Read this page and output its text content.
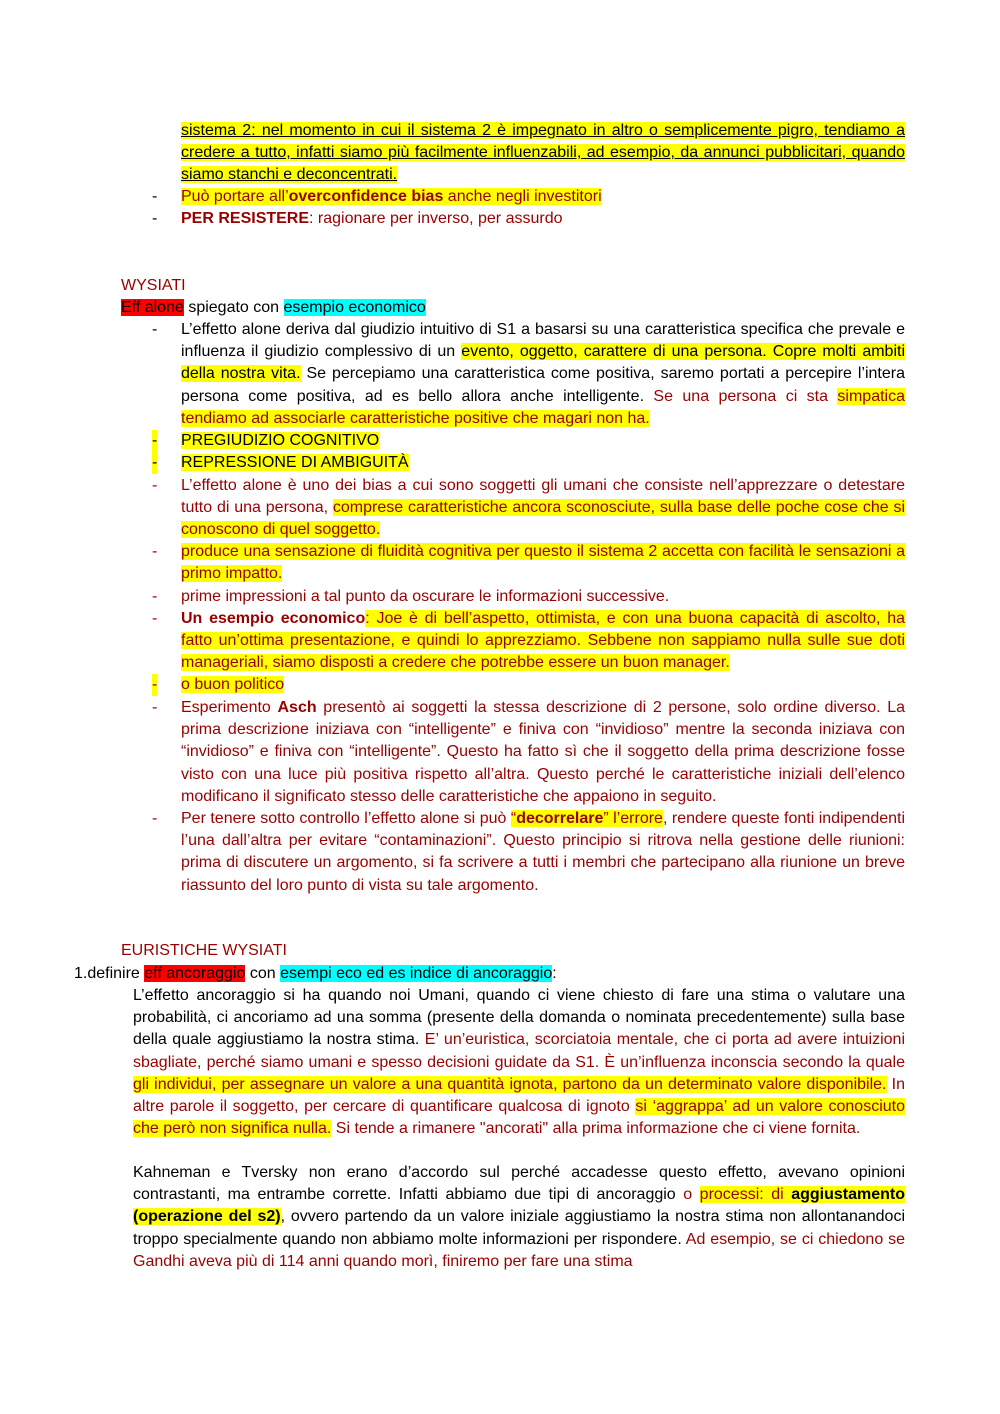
sistema 2: nel momento in cui il sistema 2 è impegnato in altro o semplicemente pigro, tendiamo a credere a tutto, infatti siamo più facilmente influenzabili, ad esempio, da annunci pubblicitari, quando siamo stanchi e deconcentrati.
- Può portare all’overconfidence bias anche negli investitori
- PER RESISTERE: ragionare per inverso, per assurdo
WYSIATI
Eff alone spiegato con esempio economico
- L’effetto alone deriva dal giudizio intuitivo di S1 a basarsi su una caratteristica specifica che prevale e influenza il giudizio complessivo di un evento, oggetto, carattere di una persona. Copre molti ambiti della nostra vita. Se percepiamo una caratteristica come positiva, saremo portati a percepire l’intera persona come positiva, ad es bello allora anche intelligente. Se una persona ci sta simpatica tendiamo ad associarle caratteristiche positive che magari non ha.
- PREGIUDIZIO COGNITIVO
- REPRESSIONE DI AMBIGUITÀ
- L’effetto alone è uno dei bias a cui sono soggetti gli umani che consiste nell’apprezzare o detestare tutto di una persona, comprese caratteristiche ancora sconosciute, sulla base delle poche cose che si conoscono di quel soggetto.
- produce una sensazione di fluidità cognitiva per questo il sistema 2 accetta con facilità le sensazioni a primo impatto.
- prime impressioni a tal punto da oscurare le informazioni successive.
- Un esempio economico: Joe è di bell’aspetto, ottimista, e con una buona capacità di ascolto, ha fatto un’ottima presentazione, e quindi lo apprezziamo. Sebbene non sappiamo nulla sulle sue doti manageriali, siamo disposti a credere che potrebbe essere un buon manager.
- o buon politico
- Esperimento Asch presentò ai soggetti la stessa descrizione di 2 persone, solo ordine diverso. La prima descrizione iniziava con “intelligente” e finiva con “invidioso” mentre la seconda iniziava con “invidioso” e finiva con “intelligente”. Questo ha fatto sì che il soggetto della prima descrizione fosse visto con una luce più positiva rispetto all’altra. Questo perché le caratteristiche iniziali dell’elenco modificano il significato stesso delle caratteristiche che appaiono in seguito.
- Per tenere sotto controllo l’effetto alone si può “decorrelare” l’errore, rendere queste fonti indipendenti l’una dall’altra per evitare “contaminazioni”. Questo principio si ritrova nella gestione delle riunioni: prima di discutere un argomento, si fa scrivere a tutti i membri che partecipano alla riunione un breve riassunto del loro punto di vista su tale argomento.
EURISTICHE WYSIATI
1.definire eff ancoraggio con esempi eco ed es indice di ancoraggio:
L’effetto ancoraggio si ha quando noi Umani, quando ci viene chiesto di fare una stima o valutare una probabilità, ci ancoriamo ad una somma (presente della domanda o nominata precedentemente) sulla base della quale aggiustiamo la nostra stima. E’ un’euristica, scorciatoia mentale, che ci porta ad avere intuizioni sbagliate, perché siamo umani e spesso decisioni guidate da S1. È un’influenza inconscia secondo la quale gli individui, per assegnare un valore a una quantità ignota, partono da un determinato valore disponibile. In altre parole il soggetto, per cercare di quantificare qualcosa di ignoto si ‘aggrappa’ ad un valore conosciuto che però non significa nulla. Si tende a rimanere "ancorati" alla prima informazione che ci viene fornita.
Kahneman e Tversky non erano d’accordo sul perché accadesse questo effetto, avevano opinioni contrastanti, ma entrambe corrette. Infatti abbiamo due tipi di ancoraggio o processi: di aggiustamento (operazione del s2), ovvero partendo da un valore iniziale aggiustiamo la nostra stima non allontanandoci troppo specialmente quando non abbiamo molte informazioni per rispondere. Ad esempio, se ci chiedono se Gandhi aveva più di 114 anni quando morì, finiremo per fare una stima
